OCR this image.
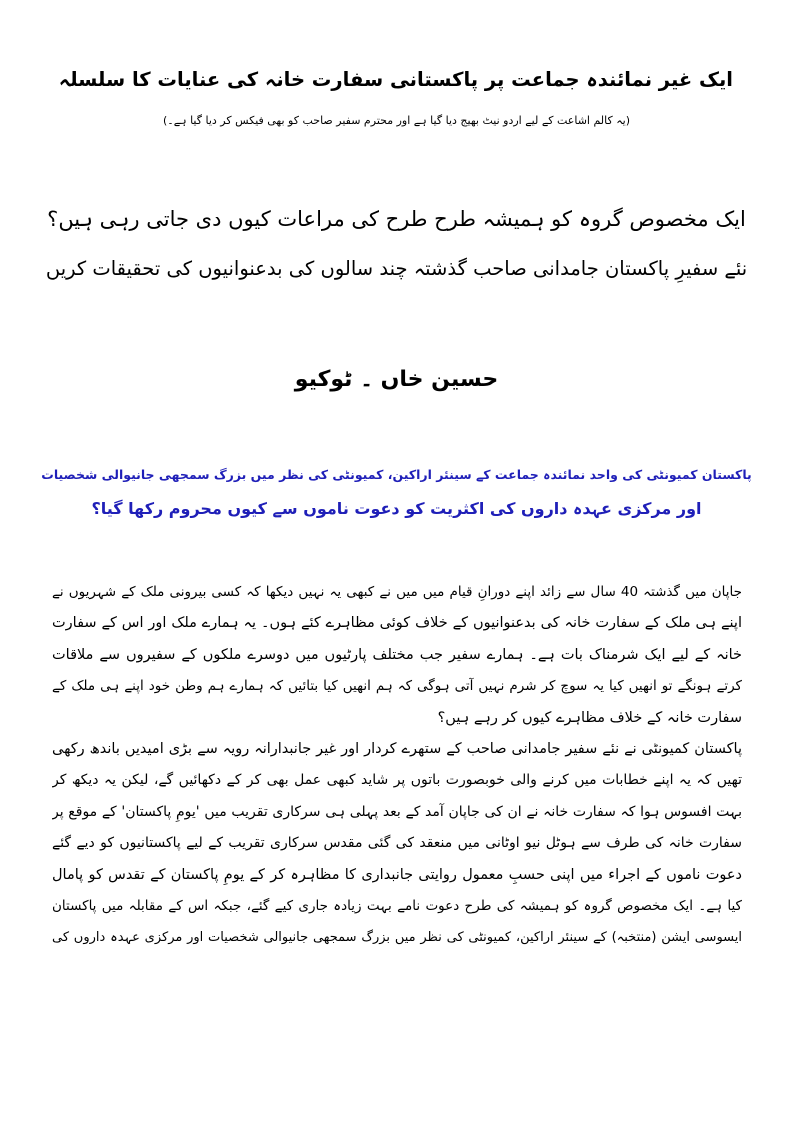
ایک غیر نمائندہ جماعت پر پاکستانی سفارت خانہ کی عنایات کا سلسلہ
(یہ کالم اشاعت کے لیے اردو نیٹ بھیج دیا گیا ہے اور محترم سفیر صاحب کو بھی فیکس کر دیا گیا ہے۔)
ایک مخصوص گروہ کو ہمیشہ طرح طرح کی مراعات کیوں دی جاتی رہی ہیں؟
نئے سفیرِ پاکستان جامدانی صاحب گذشتہ چند سالوں کی بدعنوانیوں کی تحقیقات کریں
حسین خاں ۔ ٹوکیو
پاکستان کمیونٹی کی واحد نمائندہ جماعت کے سینئر اراکین، کمیونٹی کی نظر میں بزرگ سمجھی جانیوالی شخصیات
اور مرکزی عہدہ داروں کی اکثریت کو دعوت ناموں سے کیوں محروم رکھا گیا؟
جاپان میں گذشتہ 40 سال سے زائد اپنے دورانِ قیام میں میں نے کبھی یہ نہیں دیکھا کہ کسی بیرونی ملک کے شہریوں نے
اپنے ہی ملک کے سفارت خانہ کی بدعنوانیوں کے خلاف کوئی مظاہرے کئے ہوں۔ یہ ہمارے ملک اور اس کے سفارت
خانہ کے لیے ایک شرمناک بات ہے۔ ہمارے سفیر جب مختلف پارٹیوں میں دوسرے ملکوں کے سفیروں سے ملاقات
کرتے ہونگے تو انھیں کیا یہ سوچ کر شرم نہیں آتی ہوگی کہ ہم انھیں کیا بتائیں کہ ہمارے ہم وطن خود اپنے ہی ملک کے
سفارت خانہ کے خلاف مظاہرے کیوں کر رہے ہیں؟
پاکستان کمیونٹی نے نئے سفیر جامدانی صاحب کے ستھرے کردار اور غیر جانبدارانہ رویہ سے بڑی امیدیں باندھ رکھی
تھیں کہ یہ اپنے خطابات میں کرنے والی خوبصورت باتوں پر شاید کبھی عمل بھی کر کے دکھائیں گے، لیکن یہ دیکھ کر
بہت افسوس ہوا کہ سفارت خانہ نے ان کی جاپان آمد کے بعد پہلی ہی سرکاری تقریب میں 'یومِ پاکستان' کے موقع پر
سفارت خانہ کی طرف سے ہوٹل نیو اوٹانی میں منعقد کی گئی مقدس سرکاری تقریب کے لیے پاکستانیوں کو دیے گئے
دعوت ناموں کے اجراء میں اپنی حسبِ معمول روایتی جانبداری کا مظاہرہ کر کے یومِ پاکستان کے تقدس کو پامال
کیا ہے۔ ایک مخصوص گروہ کو ہمیشہ کی طرح دعوت نامے بہت زیادہ جاری کیے گئے، جبکہ اس کے مقابلہ میں پاکستان
ایسوسی ایشن (منتخبہ) کے سینئر اراکین، کمیونٹی کی نظر میں بزرگ سمجھی جانیوالی شخصیات اور مرکزی عہدہ داروں کی
